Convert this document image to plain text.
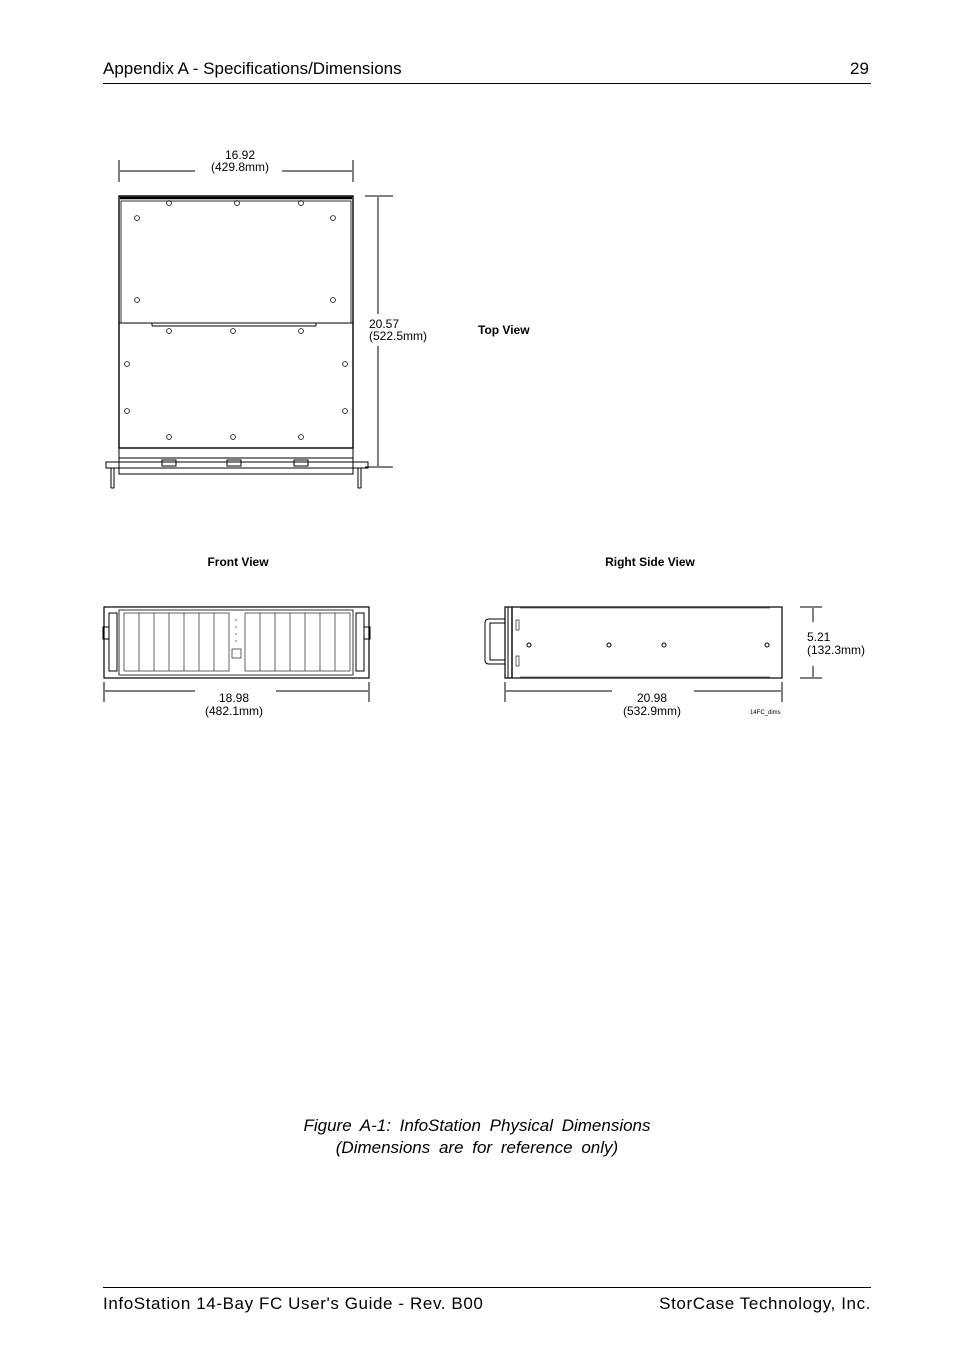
Appendix A - Specifications/Dimensions	29
16.92
(429.8mm)
20.57
(522.5mm)	Top View
Front View
18.98
(482.1mm)
Right Side View
20.98
(532.9mm)
5.21
(132.3mm)
14FC_dims
Figure A-1: InfoStation Physical Dimensions
(Dimensions are for reference only)
InfoStation 14-Bay FC User's Guide - Rev. B00	StorCase Technology, Inc.
